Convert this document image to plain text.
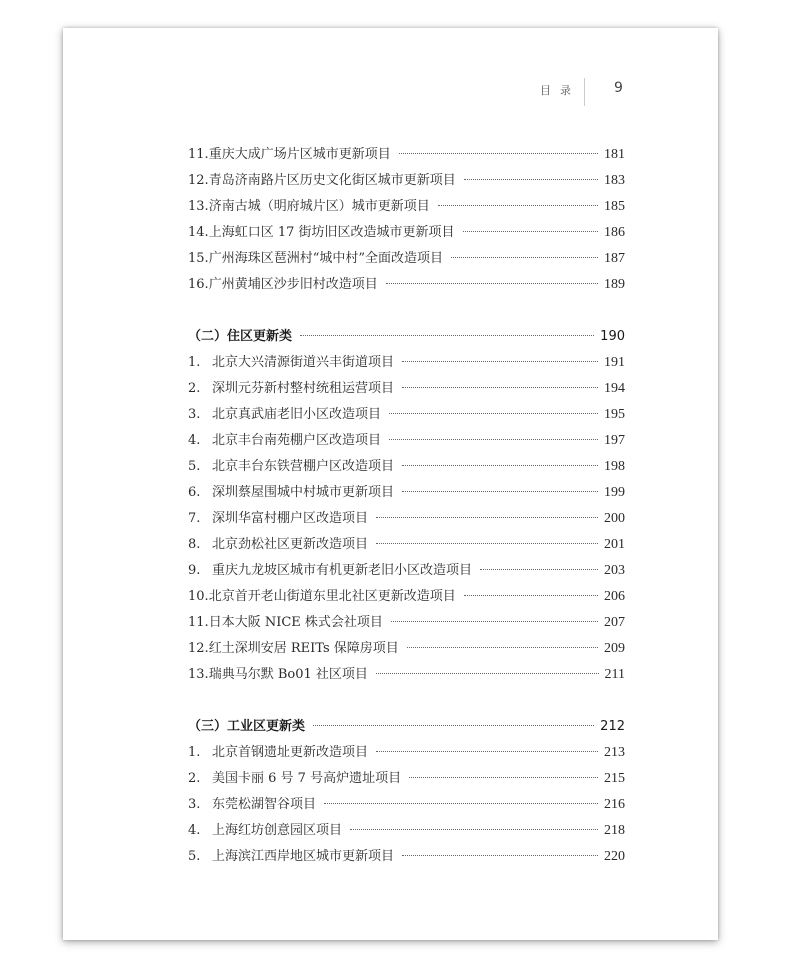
目录 9
11.重庆大成广场片区城市更新项目	181
12.青岛济南路片区历史文化街区城市更新项目	183
13.济南古城（明府城片区）城市更新项目	185
14.上海虹口区 17 街坊旧区改造城市更新项目	186
15.广州海珠区琶洲村“城中村”全面改造项目	187
16.广州黄埔区沙步旧村改造项目	189
（二）住区更新类	190
1. 北京大兴清源街道兴丰街道项目	191
2. 深圳元芬新村整村统租运营项目	194
3. 北京真武庙老旧小区改造项目	195
4. 北京丰台南苑棚户区改造项目	197
5. 北京丰台东铁营棚户区改造项目	198
6. 深圳蔡屋围城中村城市更新项目	199
7. 深圳华富村棚户区改造项目	200
8. 北京劲松社区更新改造项目	201
9. 重庆九龙坡区城市有机更新老旧小区改造项目	203
10.北京首开老山街道东里北社区更新改造项目	206
11.日本大阪 NICE 株式会社项目	207
12.红土深圳安居 REITs 保障房项目	209
13.瑞典马尔默 Bo01 社区项目	211
（三）工业区更新类	212
1. 北京首钢遗址更新改造项目	213
2. 美国卡丽 6 号 7 号高炉遗址项目	215
3. 东莞松湖智谷项目	216
4. 上海红坊创意园区项目	218
5. 上海滨江西岸地区城市更新项目	220
